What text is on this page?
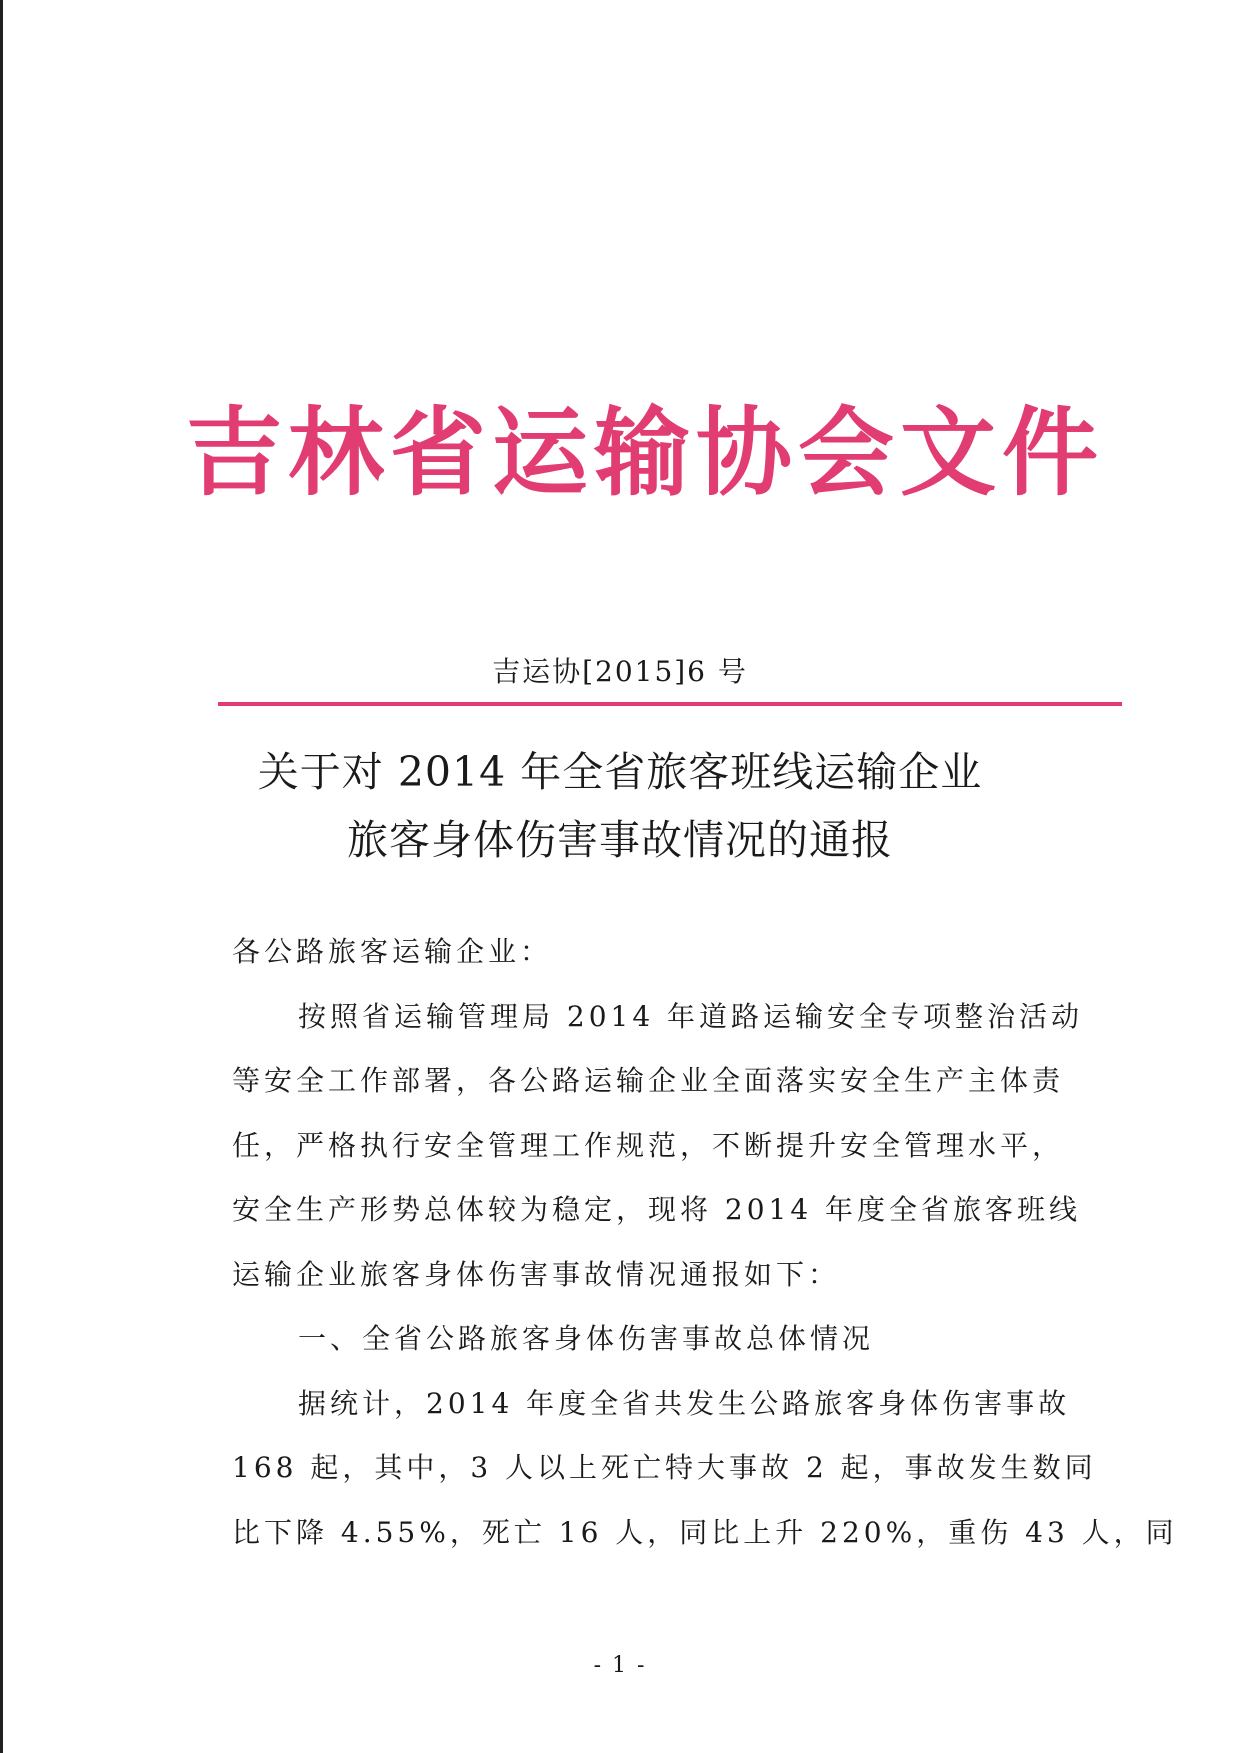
吉林省运输协会文件
吉运协[2015]6 号
关于对 2014 年全省旅客班线运输企业
旅客身体伤害事故情况的通报
各公路旅客运输企业：
按照省运输管理局 2014 年道路运输安全专项整治活动
等安全工作部署，各公路运输企业全面落实安全生产主体责
任，严格执行安全管理工作规范，不断提升安全管理水平，
安全生产形势总体较为稳定，现将 2014 年度全省旅客班线
运输企业旅客身体伤害事故情况通报如下：
一、全省公路旅客身体伤害事故总体情况
据统计，2014 年度全省共发生公路旅客身体伤害事故
168 起，其中，3 人以上死亡特大事故 2 起，事故发生数同
比下降 4.55%，死亡 16 人，同比上升 220%，重伤 43 人，同
- 1 -
